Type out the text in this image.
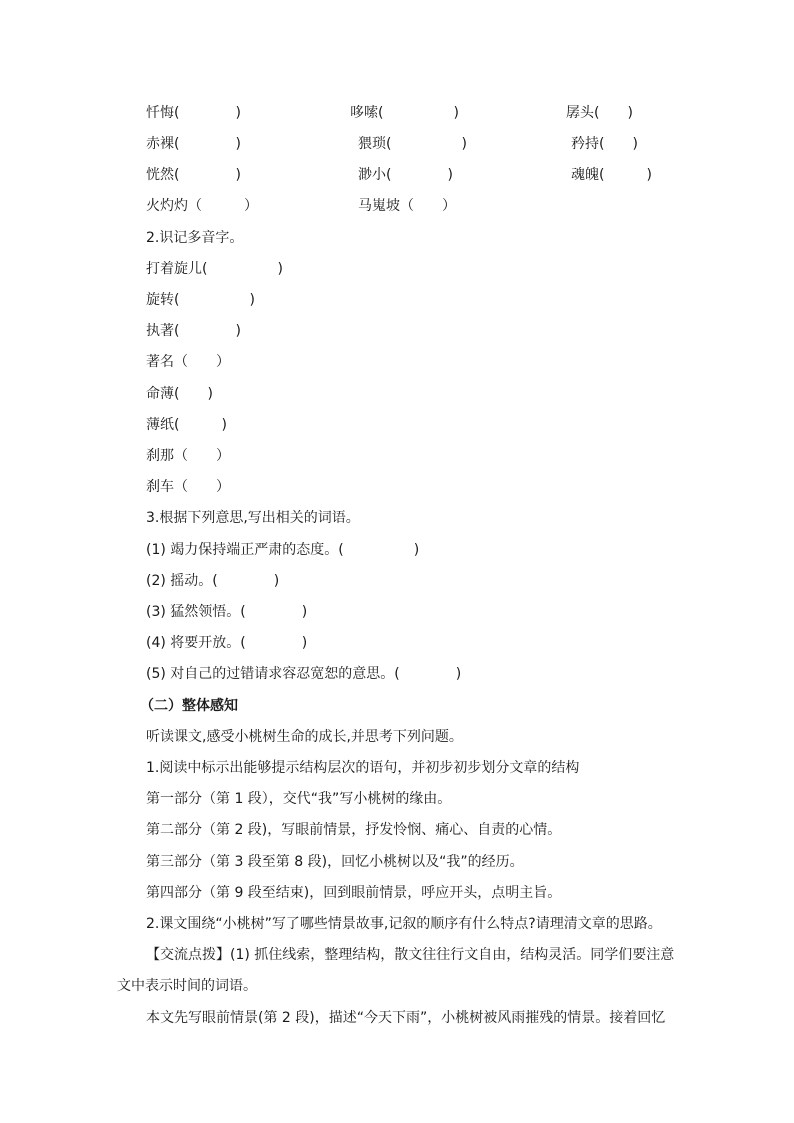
忏悔(　　　　)	哆嗦(　　　　　)	孱头(　　)
赤裸(　　　　)	猥琐(　　　　　)	矜持(　　)
恍然(　　　　)	渺小(　　　　)	魂魄(　　　)
火灼灼（　　　）	马嵬坡（　　）
2.识记多音字。
打着旋儿(　　　　　)
旋转(　　　　　)
执著(　　　　)
著名（　　）
命薄(　　)
薄纸(　　　)
刹那（　　）
刹车（　　）
3.根据下列意思,写出相关的词语。
(1) 竭力保持端正严肃的态度。(　　　　　)
(2) 摇动。(　　　　)
(3) 猛然领悟。(　　　　)
(4) 将要开放。(　　　　)
(5) 对自己的过错请求容忍宽恕的意思。(　　　　)
（二）整体感知
听读课文,感受小桃树生命的成长,并思考下列问题。
1.阅读中标示出能够提示结构层次的语句，并初步初步划分文章的结构
第一部分（第 1 段），交代“我”写小桃树的缘由。
第二部分（第 2 段)，写眼前情景，抒发怜悯、痛心、自责的心情。
第三部分（第 3 段至第 8 段)，回忆小桃树以及“我”的经历。
第四部分（第 9 段至结束)，回到眼前情景，呼应开头，点明主旨。
2.课文围绕“小桃树”写了哪些情景故事,记叙的顺序有什么特点?请理清文章的思路。
【交流点拨】(1) 抓住线索，整理结构，散文往往行文自由，结构灵活。同学们要注意
文中表示时间的词语。
本文先写眼前情景(第 2 段)，描述“今天下雨”，小桃树被风雨摧残的情景。接着回忆
